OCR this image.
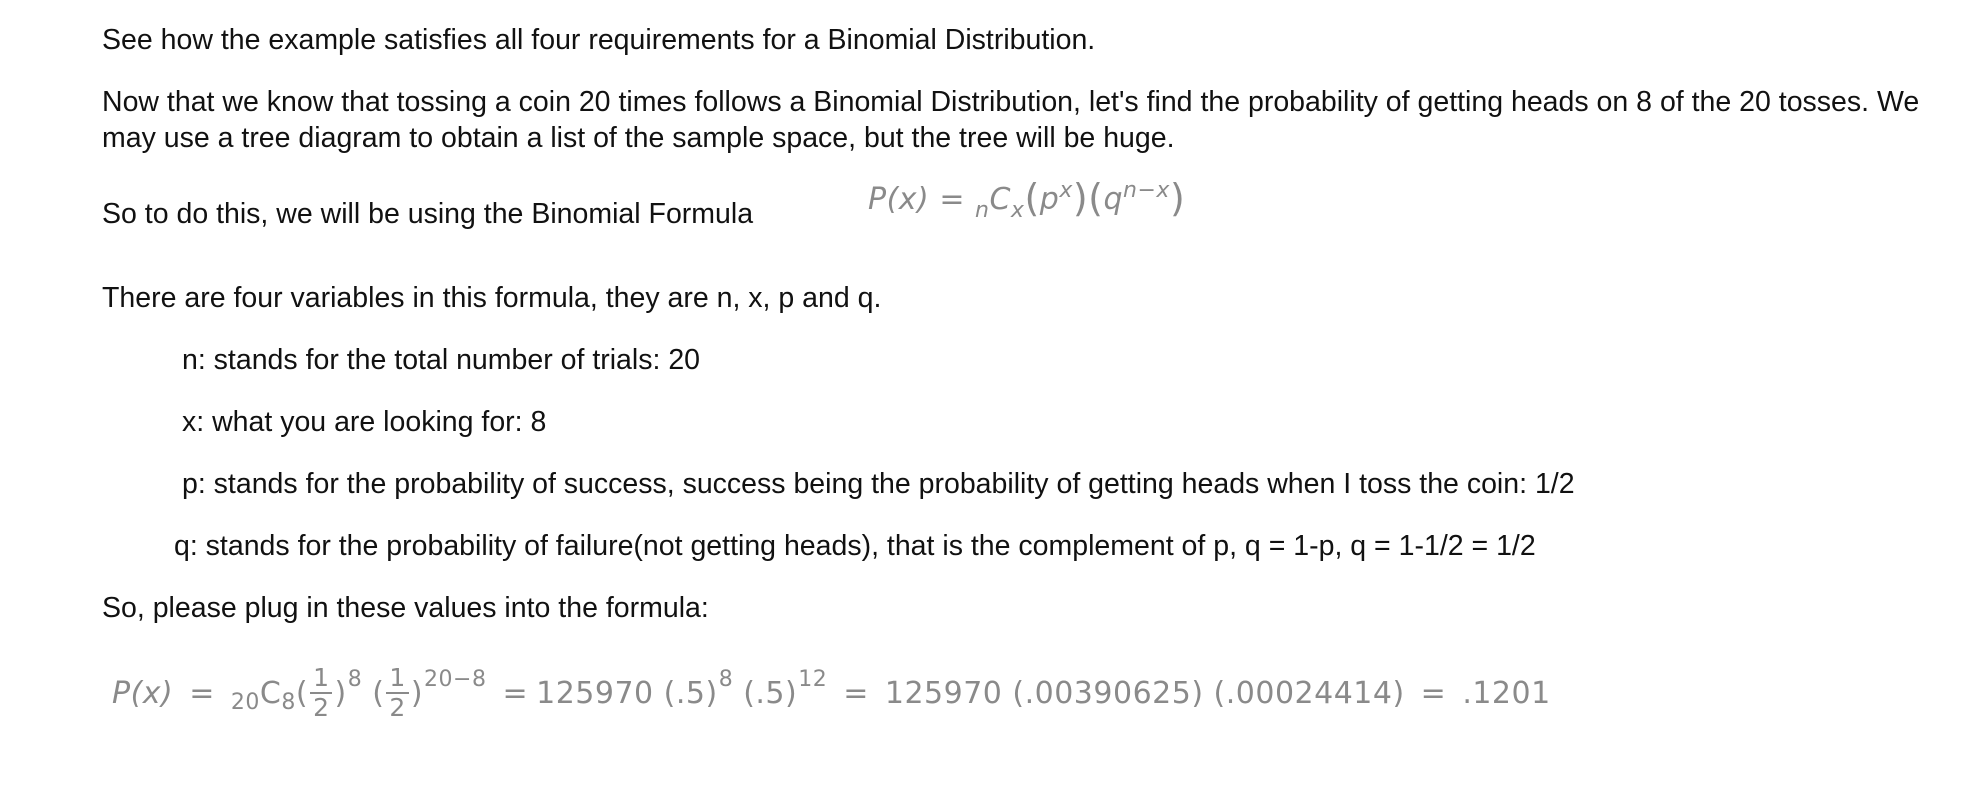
See how the example satisfies all four requirements for a Binomial Distribution.
Now that we know that tossing a coin 20 times follows a Binomial Distribution, let's find the probability of getting heads on 8 of the 20 tosses. We may use a tree diagram to obtain a list of the sample space, but the tree will be huge.
So to do this, we will be using the Binomial Formula	$P(x) = _nC_x(p^x)(q^{n-x})$
There are four variables in this formula, they are n, x, p and q.
n: stands for the total number of trials: 20
x: what you are looking for: 8
p: stands for the probability of success, success being the probability of getting heads when I toss the coin: 1/2
q: stands for the probability of failure(not getting heads), that is the complement of p, q = 1-p, q = 1-1/2 = 1/2
So, please plug in these values into the formula:
P(x) = 20 C 8 ( $\frac{1}{2}$ ) 8 ( $\frac{1}{2}$ ) 20−8 = 125970 (.5) 8 (.5) 12 = 125970 (.00390625) (.00024414) = .1201
